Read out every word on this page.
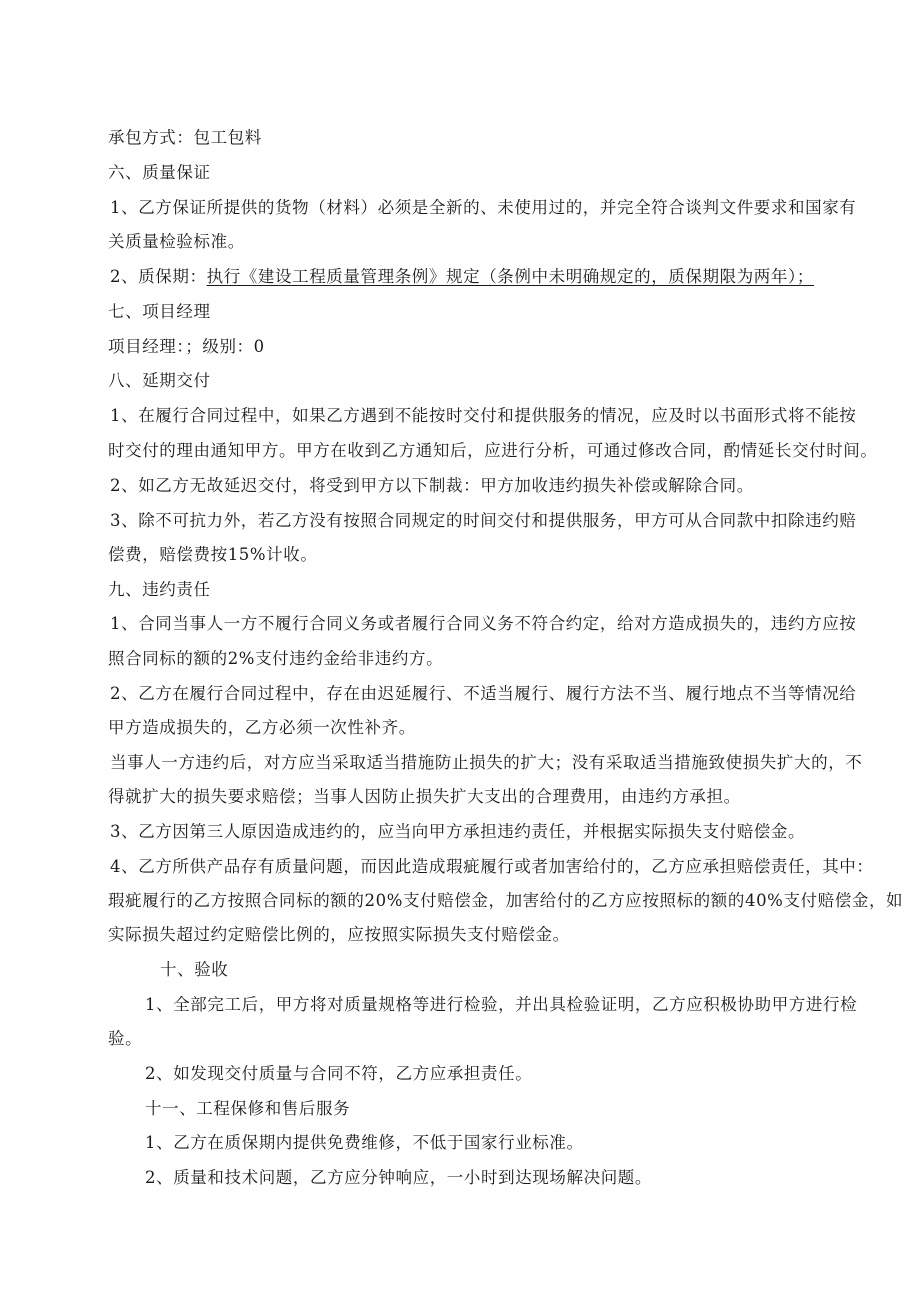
承包方式：包工包料
六、质量保证
1、乙方保证所提供的货物（材料）必须是全新的、未使用过的，并完全符合谈判文件要求和国家有
关质量检验标准。
2、质保期：执行《建设工程质量管理条例》规定（条例中未明确规定的，质保期限为两年）；
七、项目经理
项目经理：；级别：0
八、延期交付
1、在履行合同过程中，如果乙方遇到不能按时交付和提供服务的情况，应及时以书面形式将不能按
时交付的理由通知甲方。甲方在收到乙方通知后，应进行分析，可通过修改合同，酌情延长交付时间。
2、如乙方无故延迟交付，将受到甲方以下制裁：甲方加收违约损失补偿或解除合同。
3、除不可抗力外，若乙方没有按照合同规定的时间交付和提供服务，甲方可从合同款中扣除违约赔
偿费，赔偿费按15%计收。
九、违约责任
1、合同当事人一方不履行合同义务或者履行合同义务不符合约定，给对方造成损失的，违约方应按
照合同标的额的2%支付违约金给非违约方。
2、乙方在履行合同过程中，存在由迟延履行、不适当履行、履行方法不当、履行地点不当等情况给
甲方造成损失的，乙方必须一次性补齐。
当事人一方违约后，对方应当采取适当措施防止损失的扩大；没有采取适当措施致使损失扩大的，不
得就扩大的损失要求赔偿；当事人因防止损失扩大支出的合理费用，由违约方承担。
3、乙方因第三人原因造成违约的，应当向甲方承担违约责任，并根据实际损失支付赔偿金。
4、乙方所供产品存有质量问题，而因此造成瑕疵履行或者加害给付的，乙方应承担赔偿责任，其中：
瑕疵履行的乙方按照合同标的额的20%支付赔偿金，加害给付的乙方应按照标的额的40%支付赔偿金，如
实际损失超过约定赔偿比例的，应按照实际损失支付赔偿金。
十、验收
1、全部完工后，甲方将对质量规格等进行检验，并出具检验证明，乙方应积极协助甲方进行检
验。
2、如发现交付质量与合同不符，乙方应承担责任。
十一、工程保修和售后服务
1、乙方在质保期内提供免费维修，不低于国家行业标准。
2、质量和技术问题，乙方应分钟响应，一小时到达现场解决问题。
